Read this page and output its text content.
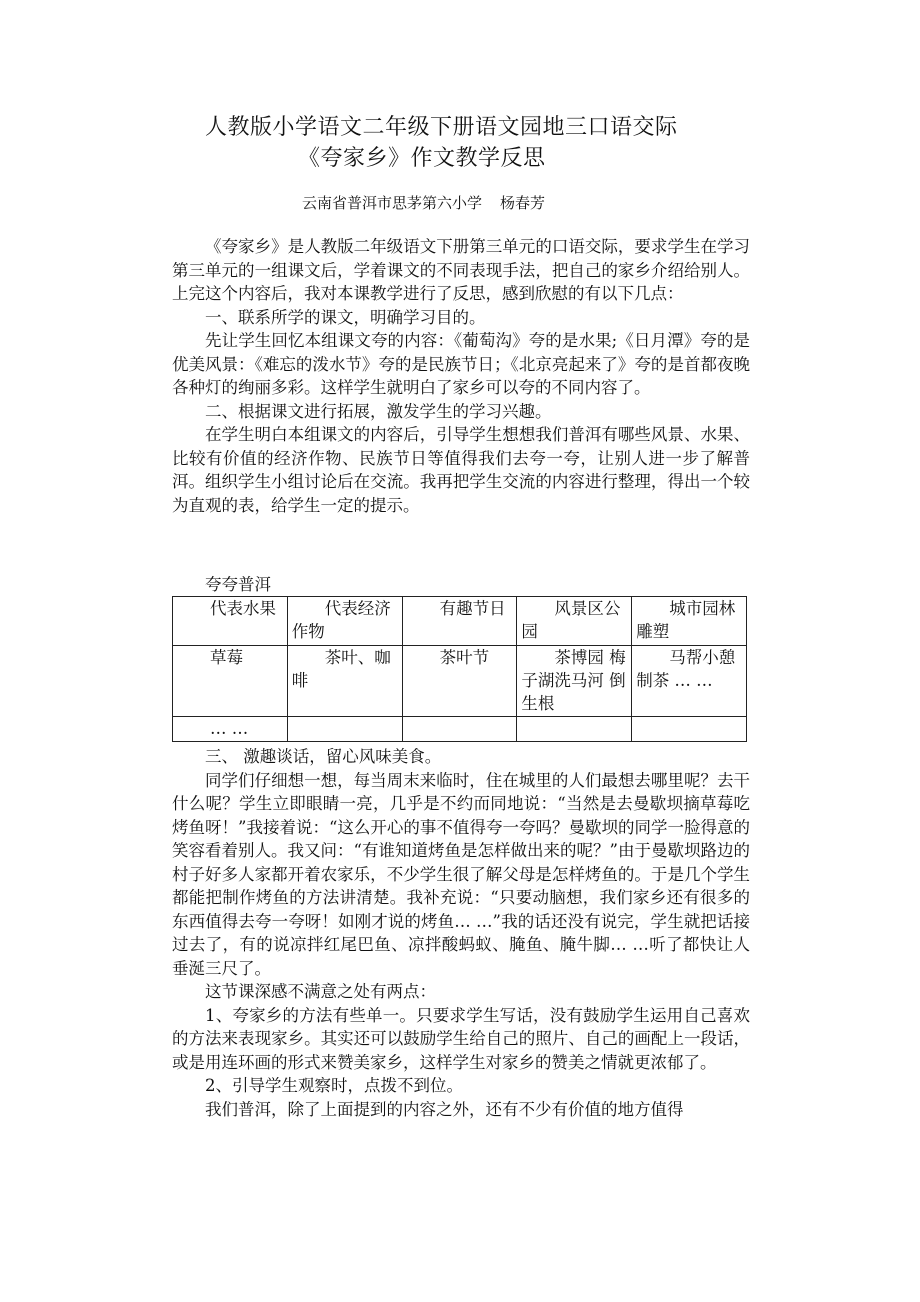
人教版小学语文二年级下册语文园地三口语交际
《夸家乡》作文教学反思
云南省普洱市思茅第六小学 杨春芳

《夸家乡》是人教版二年级语文下册第三单元的口语交际，要求学生在学习第三单元的一组课文后，学着课文的不同表现手法，把自己的家乡介绍给别人。上完这个内容后，我对本课教学进行了反思，感到欣慰的有以下几点：

一、联系所学的课文，明确学习目的。

先让学生回忆本组课文夸的内容：《葡萄沟》夸的是水果;《日月潭》夸的是优美风景：《难忘的泼水节》夸的是民族节日；《北京亮起来了》夸的是首都夜晚各种灯的绚丽多彩。这样学生就明白了家乡可以夸的不同内容了。

二、根据课文进行拓展，激发学生的学习兴趣。

在学生明白本组课文的内容后，引导学生想想我们普洱有哪些风景、水果、比较有价值的经济作物、民族节日等值得我们去夸一夸，让别人进一步了解普洱。组织学生小组讨论后在交流。我再把学生交流的内容进行整理，得出一个较为直观的表，给学生一定的提示。

夸夸普洱
代表水果	代表经济作物	有趣节日	风景区公园	城市园林雕塑
草莓	茶叶、咖啡	茶叶节	茶博园 梅子湖洗马河 倒生根	马帮小憩 制茶 … …
… …				

三、 激趣谈话，留心风味美食。

同学们仔细想一想，每当周末来临时，住在城里的人们最想去哪里呢？去干什么呢？学生立即眼睛一亮，几乎是不约而同地说：“当然是去曼歇坝摘草莓吃烤鱼呀！”我接着说：“这么开心的事不值得夸一夸吗？曼歇坝的同学一脸得意的笑容看着别人。我又问：“有谁知道烤鱼是怎样做出来的呢？”由于曼歇坝路边的村子好多人家都开着农家乐，不少学生很了解父母是怎样烤鱼的。于是几个学生都能把制作烤鱼的方法讲清楚。我补充说：“只要动脑想，我们家乡还有很多的东西值得去夸一夸呀！如刚才说的烤鱼… …”我的话还没有说完，学生就把话接过去了，有的说凉拌红尾巴鱼、凉拌酸蚂蚁、腌鱼、腌牛脚… …听了都快让人垂涎三尺了。

这节课深感不满意之处有两点：

1、夸家乡的方法有些单一。只要求学生写话，没有鼓励学生运用自己喜欢的方法来表现家乡。其实还可以鼓励学生给自己的照片、自己的画配上一段话，或是用连环画的形式来赞美家乡，这样学生对家乡的赞美之情就更浓郁了。

2、引导学生观察时，点拨不到位。

我们普洱，除了上面提到的内容之外，还有不少有价值的地方值得
